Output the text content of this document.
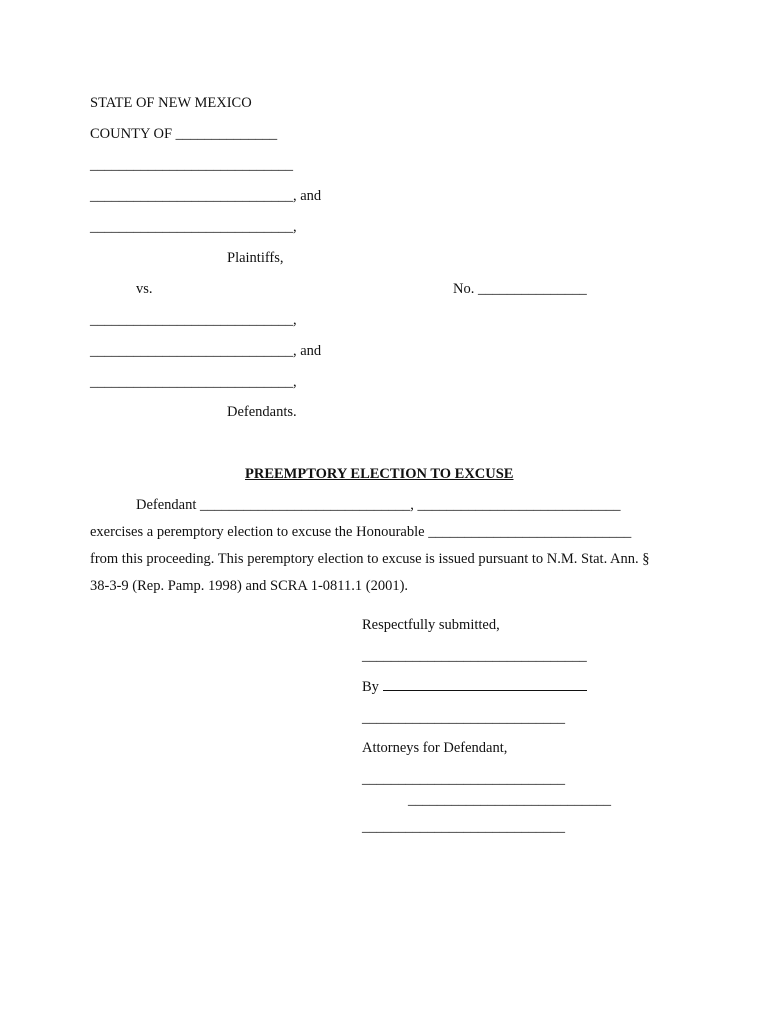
STATE OF NEW MEXICO
COUNTY OF ______________
____________________________
____________________________, and
____________________________,
Plaintiffs,
vs.	No. _______________
____________________________,
____________________________, and
____________________________,
Defendants.
PREEMPTORY ELECTION TO EXCUSE
Defendant _____________________________, ____________________________
exercises a peremptory election to excuse the Honourable ____________________________
from this proceeding. This peremptory election to excuse is issued pursuant to N.M. Stat. Ann. §
38-3-9 (Rep. Pamp. 1998) and SCRA 1-0811.1 (2001).
Respectfully submitted,
_______________________________
By
____________________________
Attorneys for Defendant,
____________________________
____________________________
____________________________
